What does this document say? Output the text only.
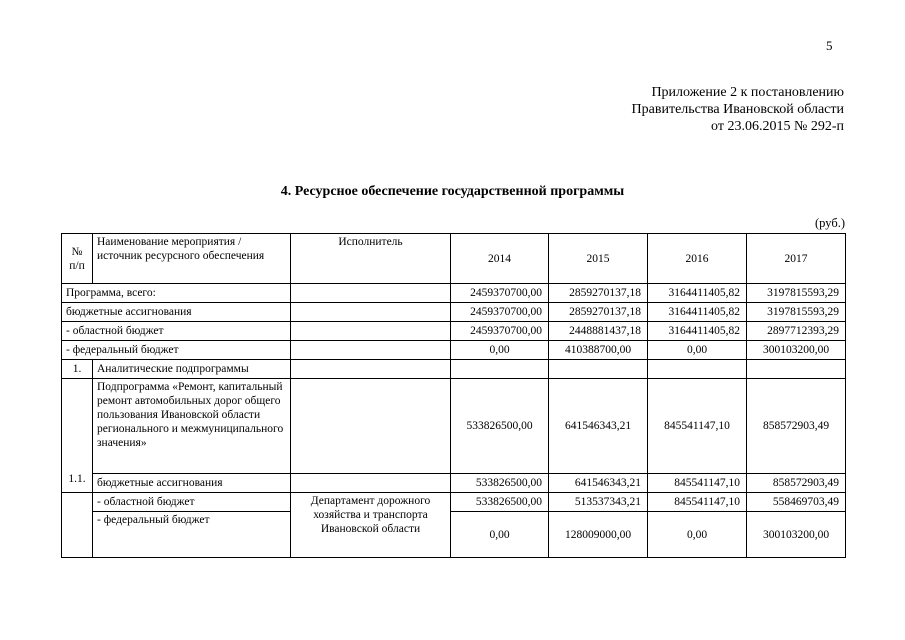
5
Приложение 2 к постановлению
Правительства Ивановской области
от 23.06.2015 № 292-п
4. Ресурсное обеспечение государственной программы
(руб.)
№ п/п	Наименование мероприятия / источник ресурсного обеспечения	Исполнитель	2014	2015	2016	2017
Программа, всего:			2459370700,00	2859270137,18	3164411405,82	3197815593,29
бюджетные ассигнования			2459370700,00	2859270137,18	3164411405,82	3197815593,29
- областной бюджет			2459370700,00	2448881437,18	3164411405,82	2897712393,29
- федеральный бюджет			0,00	410388700,00	0,00	300103200,00
1.	Аналитические подпрограммы					
1.1.	Подпрограмма «Ремонт, капитальный ремонт автомобильных дорог общего пользования Ивановской области регионального и межмуниципального значения»		533826500,00	641546343,21	845541147,10	858572903,49
	бюджетные ассигнования		533826500,00	641546343,21	845541147,10	858572903,49
	- областной бюджет	Департамент дорожного хозяйства и транспорта Ивановской области	533826500,00	513537343,21	845541147,10	558469703,49
	- федеральный бюджет		0,00	128009000,00	0,00	300103200,00
